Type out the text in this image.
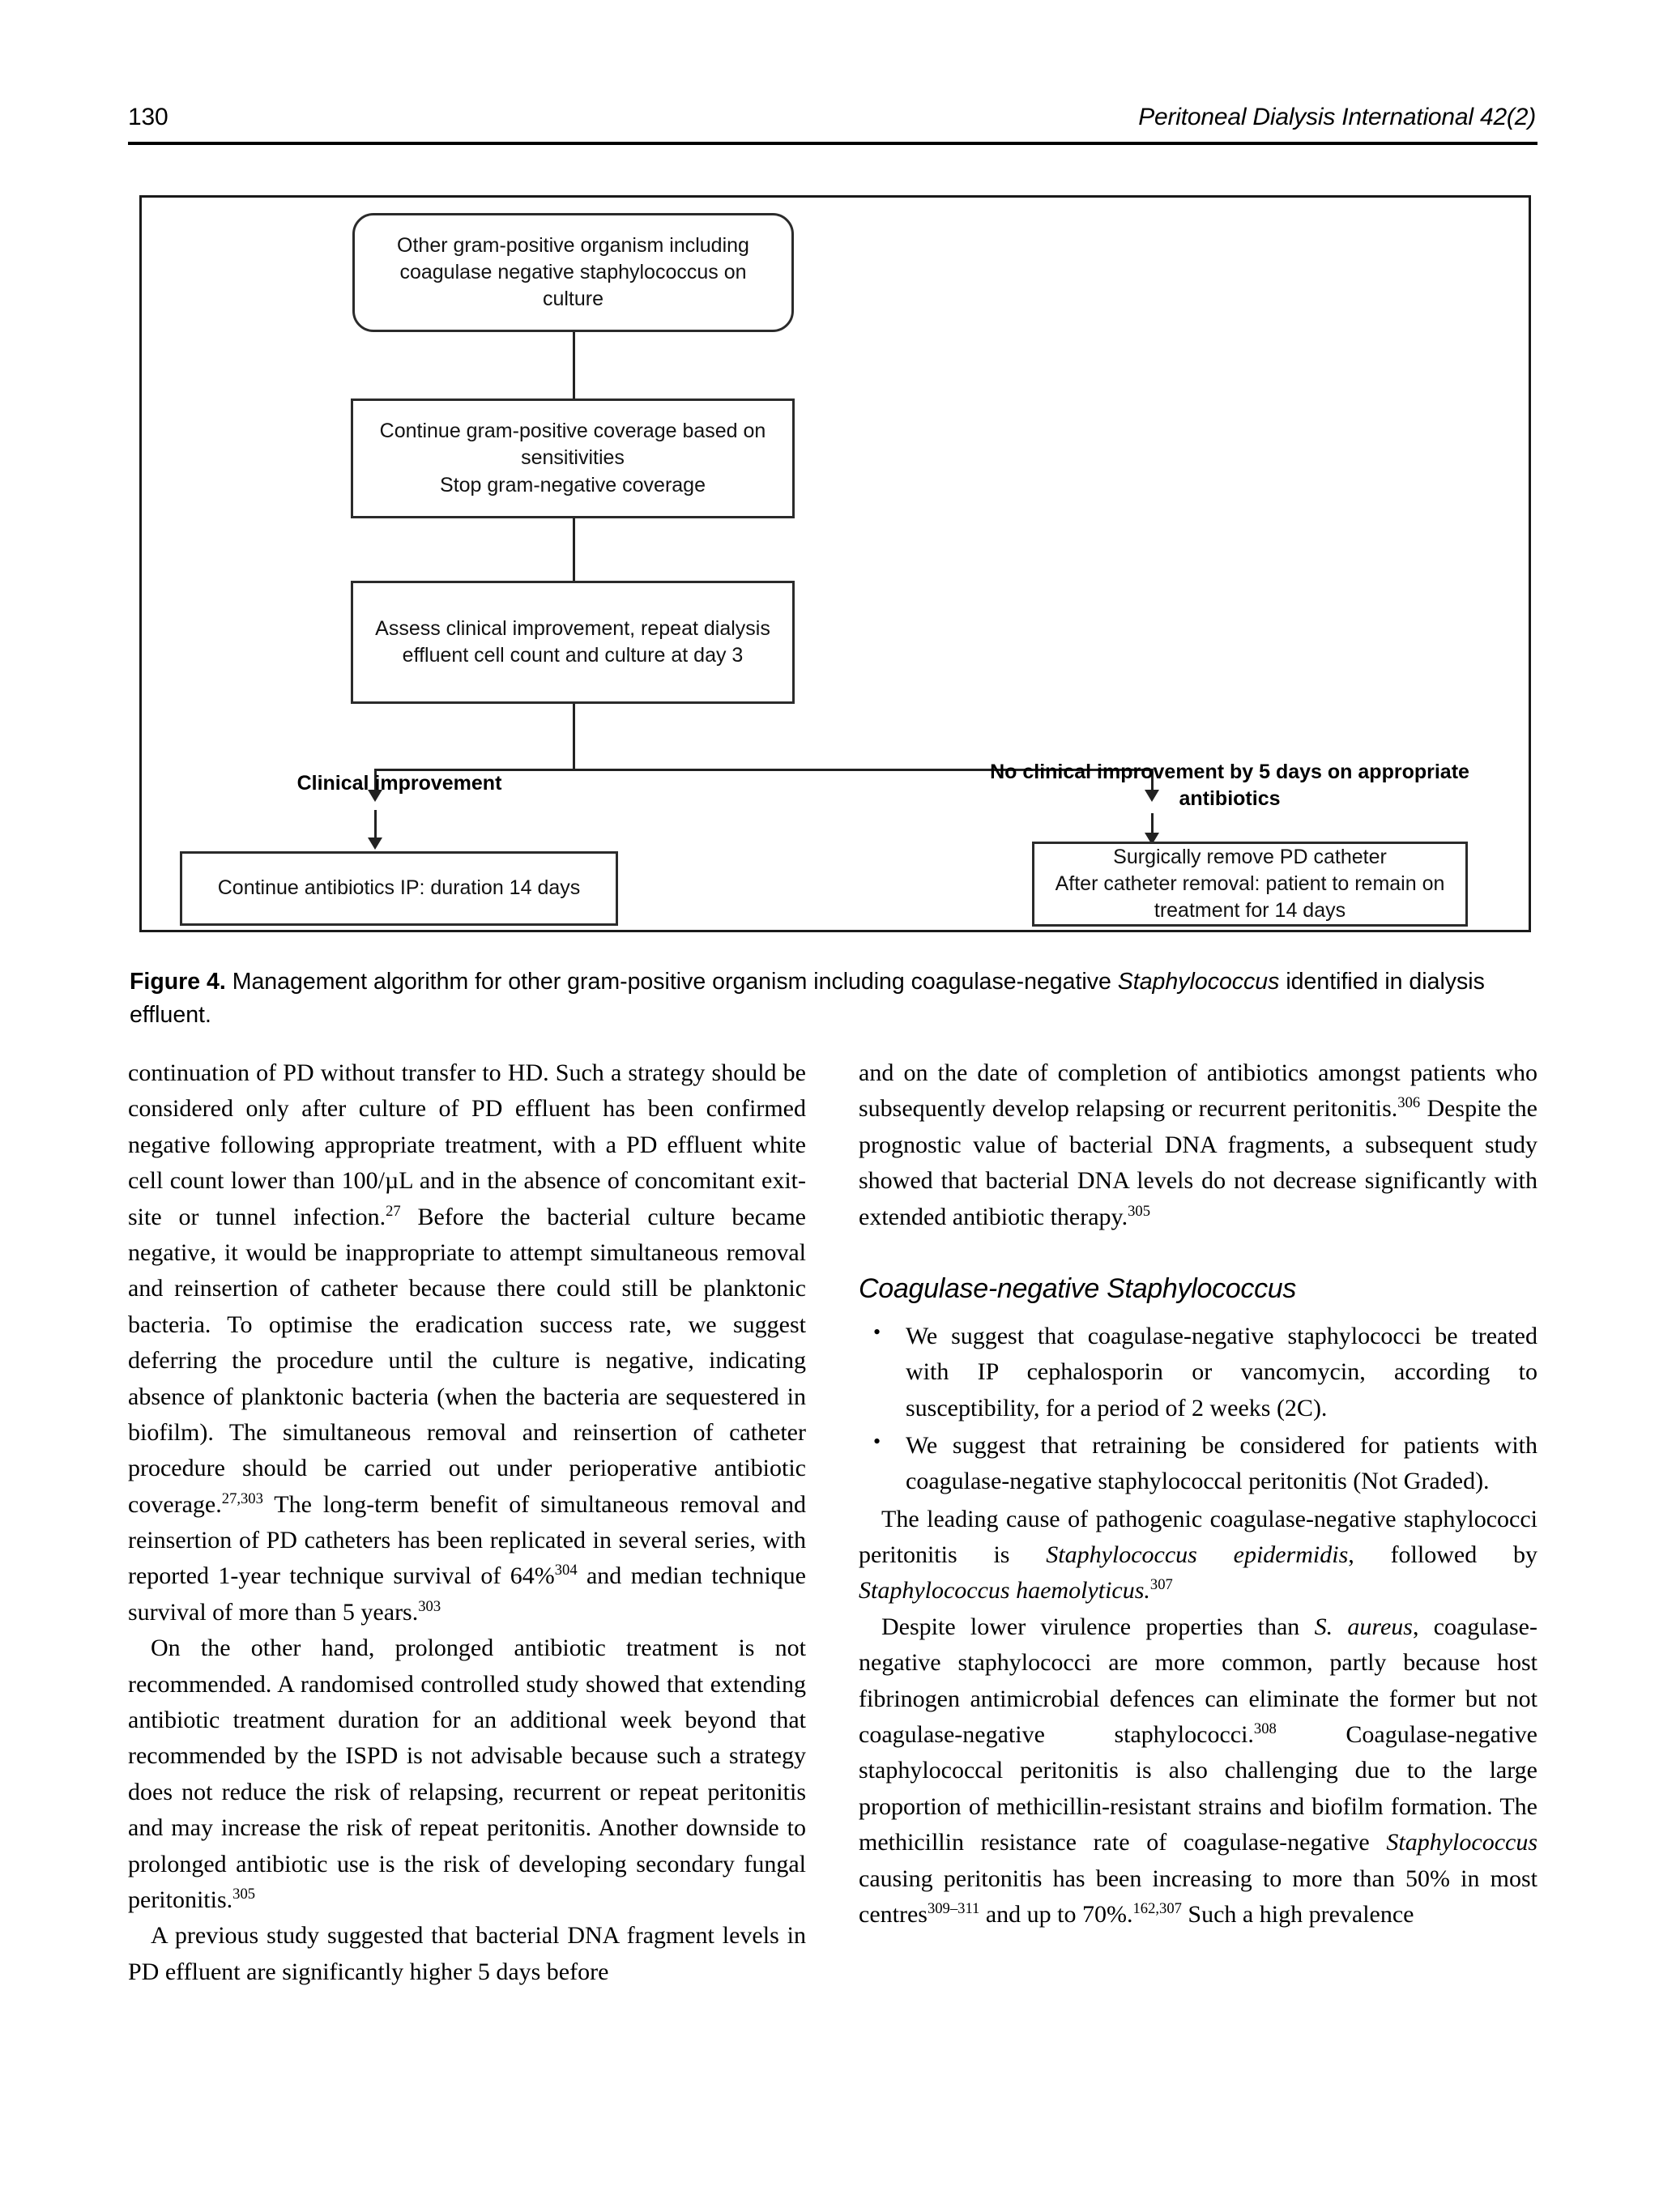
130	Peritoneal Dialysis International 42(2)
Other gram-positive organism including
coagulase negative staphylococcus on
culture
Continue gram-positive coverage based on
sensitivities
Stop gram-negative coverage
Assess clinical improvement, repeat dialysis
effluent cell count and culture at day 3
Clinical improvement	No clinical improvement by 5 days on appropriate antibiotics
Continue antibiotics IP: duration 14 days
Surgically remove PD catheter
After catheter removal: patient to remain on
treatment for 14 days
Figure 4. Management algorithm for other gram-positive organism including coagulase-negative Staphylococcus identified in dialysis effluent.

continuation of PD without transfer to HD. Such a strategy should be considered only after culture of PD effluent has been confirmed negative following appropriate treatment, with a PD effluent white cell count lower than 100/µL and in the absence of concomitant exit-site or tunnel infection.$^{27}$ Before the bacterial culture became negative, it would be inappropriate to attempt simultaneous removal and reinsertion of catheter because there could still be planktonic bacteria. To optimise the eradication success rate, we suggest deferring the procedure until the culture is negative, indicating absence of planktonic bacteria (when the bacteria are sequestered in biofilm). The simultaneous removal and reinsertion of catheter procedure should be carried out under perioperative antibiotic coverage.$^{27,303}$ The long-term benefit of simultaneous removal and reinsertion of PD catheters has been replicated in several series, with reported 1-year technique survival of 64%$^{304}$ and median technique survival of more than 5 years.$^{303}$

On the other hand, prolonged antibiotic treatment is not recommended. A randomised controlled study showed that extending antibiotic treatment duration for an additional week beyond that recommended by the ISPD is not advisable because such a strategy does not reduce the risk of relapsing, recurrent or repeat peritonitis and may increase the risk of repeat peritonitis. Another downside to prolonged antibiotic use is the risk of developing secondary fungal peritonitis.$^{305}$

A previous study suggested that bacterial DNA fragment levels in PD effluent are significantly higher 5 days before

and on the date of completion of antibiotics amongst patients who subsequently develop relapsing or recurrent peritonitis.$^{306}$ Despite the prognostic value of bacterial DNA fragments, a subsequent study showed that bacterial DNA levels do not decrease significantly with extended antibiotic therapy.$^{305}$

Coagulase-negative Staphylococcus
• We suggest that coagulase-negative staphylococci be treated with IP cephalosporin or vancomycin, according to susceptibility, for a period of 2 weeks (2C).
• We suggest that retraining be considered for patients with coagulase-negative staphylococcal peritonitis (Not Graded).

The leading cause of pathogenic coagulase-negative staphylococci peritonitis is Staphylococcus epidermidis, followed by Staphylococcus haemolyticus.$^{307}$

Despite lower virulence properties than S. aureus, coagulase-negative staphylococci are more common, partly because host fibrinogen antimicrobial defences can eliminate the former but not coagulase-negative staphylococci.$^{308}$ Coagulase-negative staphylococcal peritonitis is also challenging due to the large proportion of methicillin-resistant strains and biofilm formation. The methicillin resistance rate of coagulase-negative Staphylococcus causing peritonitis has been increasing to more than 50% in most centres$^{309-311}$ and up to 70%.$^{162,307}$ Such a high prevalence
